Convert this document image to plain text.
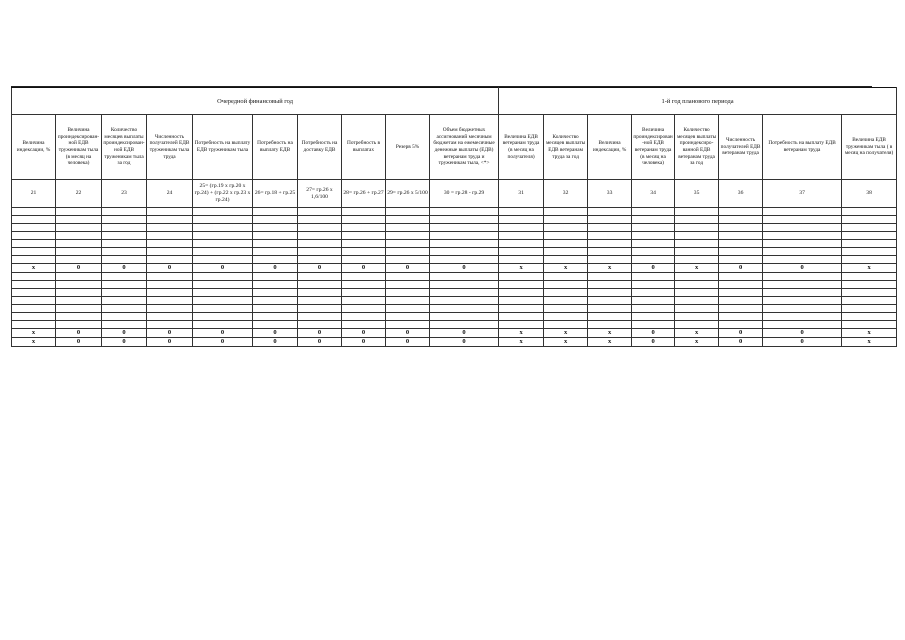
Очередной финансовый год										1-й год планового периода							
Величина индексации, %	Величина проиндексирован-ной ЕДВ труженикам тыла (в месяц на человека)	Количество месяцев выплаты проиндексирован-ной ЕДВ труженикам тыла за год	Численность получателей ЕДВ труженикам тыла труда	Потребность на выплату ЕДВ труженикам тыла	Потребность на выплату ЕДВ	Потребность на доставку ЕДВ	Потребность в выплатах	Резерв 5%	Объем бюджетных ассигнований месячным бюджетам на ежемесячные денежные выплаты (ЕДВ) ветеранам труда и труженикам тыла, <*>	Величина ЕДВ ветеранам труда (в месяц на получателя)	Количество месяцев выплаты ЕДВ ветеранам труда за год	Величина индексации, %	Величина проиндексирован-ной ЕДВ ветеранам труда (в месяц на человека)	Количество месяцев выплаты проиндексиро-ванной ЕДВ ветеранам труда за год	Численность получателей ЕДВ ветеранам труда	Потребность на выплату ЕДВ ветеранам труда	Величина ЕДВ труженикам тыла ( в месяц на получателя)
21	22	23	24	25= (гр.19 x гр.20 x гр.24) + (гр.22 x гр.23 x гр.24)	26= гр.18 + гр.25	27= гр.26 x 1,6/100	28= гр.26 + гр.27	29= гр.26 x 5/100	30 = гр.28 - гр.29	31	32	33	34	35	36	37	38

x	0	0	0	0	0	0	0	0	0	x	x	x	0	x	0	0	x

x	0	0	0	0	0	0	0	0	0	x	x	x	0	x	0	0	x
x	0	0	0	0	0	0	0	0	0	x	x	x	0	x	0	0	x
